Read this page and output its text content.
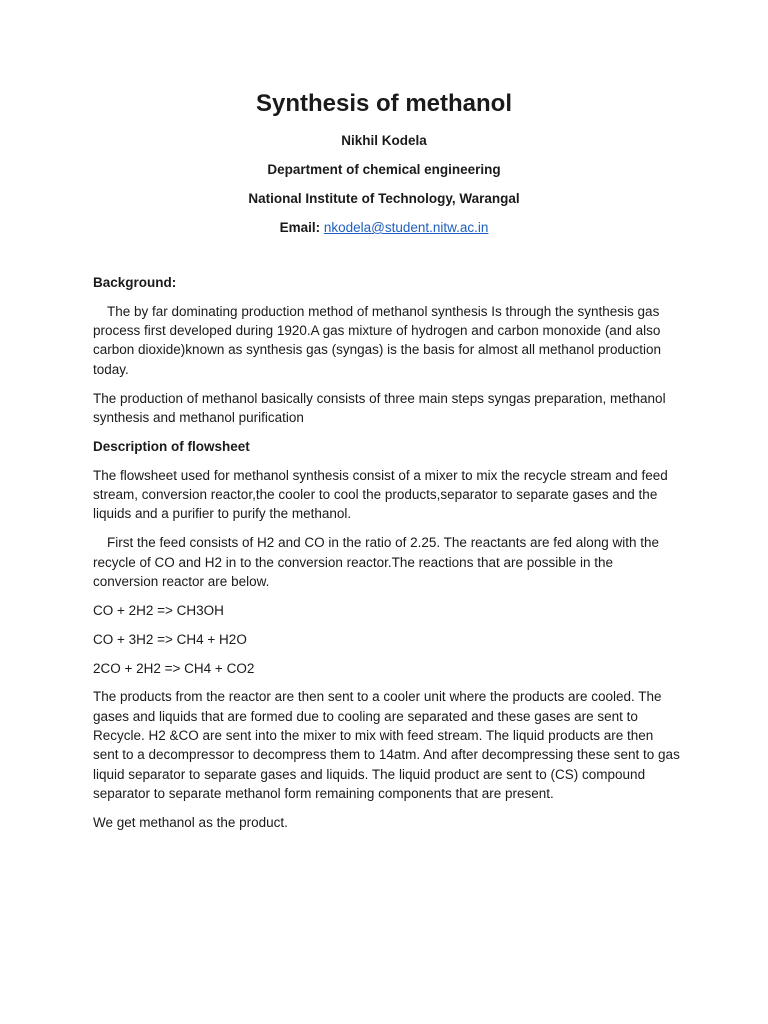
Synthesis of methanol
Nikhil Kodela
Department of chemical engineering
National Institute of Technology, Warangal
Email: nkodela@student.nitw.ac.in

Background:

The by far dominating production method of methanol synthesis Is through the synthesis gas process first developed during 1920.A gas mixture of hydrogen and carbon monoxide (and also carbon dioxide)known as synthesis gas (syngas) is the basis for almost all methanol production today.

The production of methanol basically consists of three main steps syngas preparation, methanol synthesis and methanol purification

Description of flowsheet

The flowsheet used for methanol synthesis consist of a mixer to mix the recycle stream and feed stream, conversion reactor,the cooler to cool the products,separator to separate gases and the liquids and a purifier to purify the methanol.

First the feed consists of H2 and CO in the ratio of 2.25. The reactants are fed along with the recycle of CO and H2 in to the conversion reactor.The reactions that are possible in the conversion reactor are below.

CO + 2H2 => CH3OH

CO + 3H2 => CH4 + H2O

2CO + 2H2 => CH4 + CO2

The products from the reactor are then sent to a cooler unit where the products are cooled. The gases and liquids that are formed due to cooling are separated and these gases are sent to Recycle. H2 &CO are sent into the mixer to mix with feed stream. The liquid products are then sent to a decompressor to decompress them to 14atm. And after decompressing these sent to gas liquid separator to separate gases and liquids. The liquid product are sent to (CS) compound separator to separate methanol form remaining components that are present.

We get methanol as the product.
